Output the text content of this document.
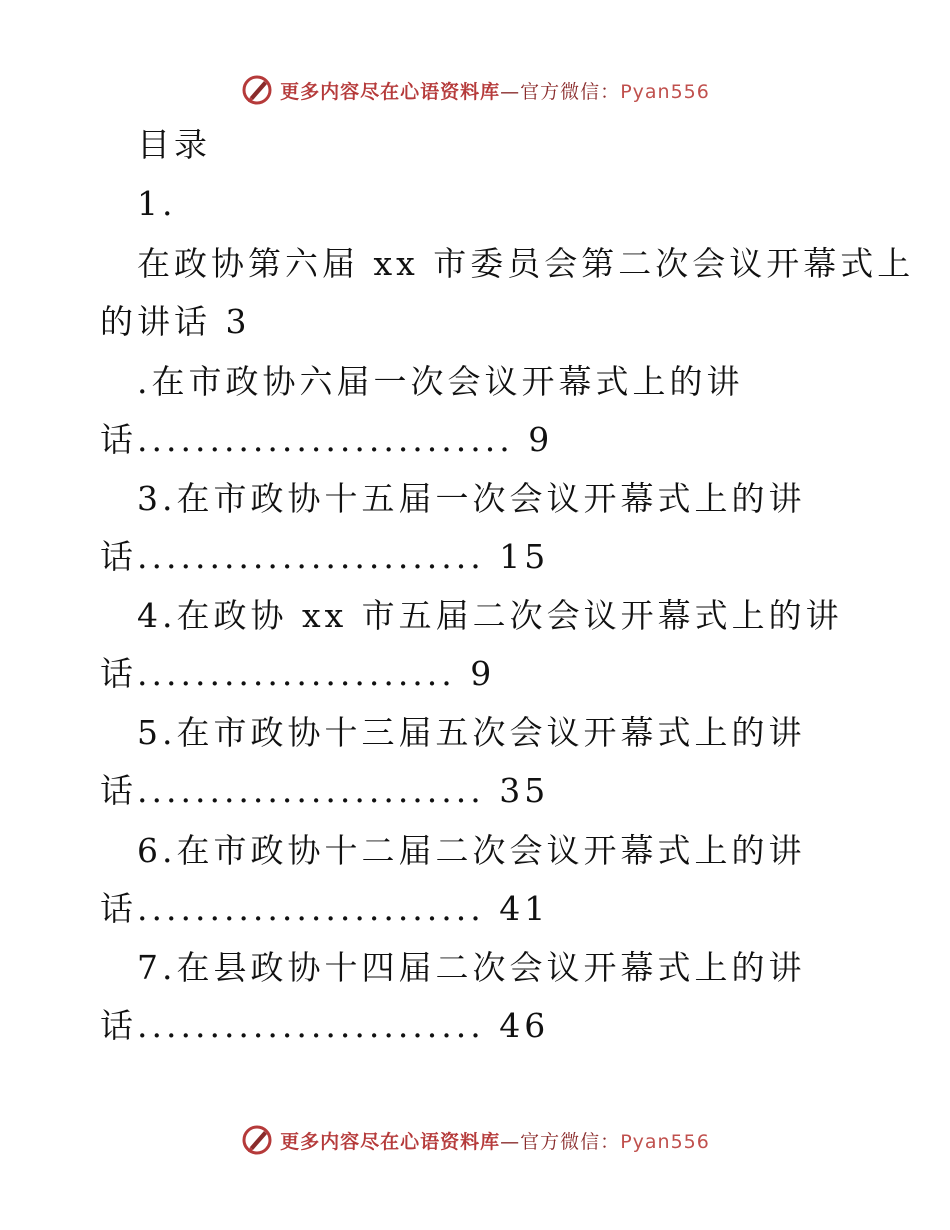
更多内容尽在心语资料库—官方微信：Pyan556
目录
1.
在政协第六届 xx 市委员会第二次会议开幕式上
的讲话 3
.在市政协六届一次会议开幕式上的讲
话.......................... 9
3.在市政协十五届一次会议开幕式上的讲
话........................ 15
4.在政协 xx 市五届二次会议开幕式上的讲
话...................... 9
5.在市政协十三届五次会议开幕式上的讲
话........................ 35
6.在市政协十二届二次会议开幕式上的讲
话........................ 41
7.在县政协十四届二次会议开幕式上的讲
话........................ 46
更多内容尽在心语资料库—官方微信：Pyan556
